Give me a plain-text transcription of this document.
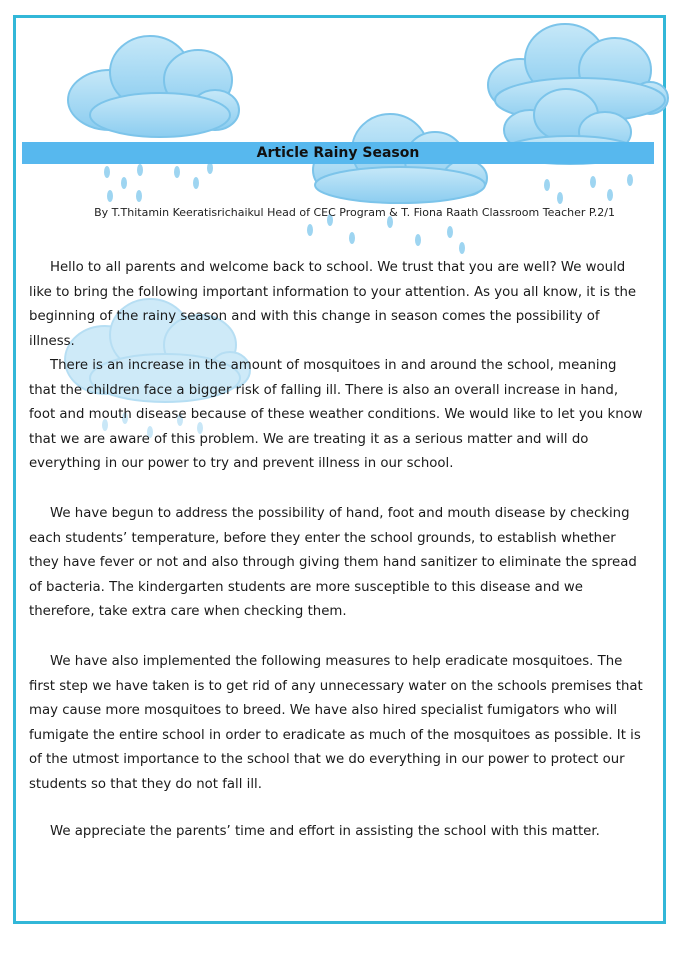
Article Rainy Season
By T.Thitamin Keeratisrichaikul Head of CEC Program & T. Fiona Raath Classroom Teacher P.2/1

Hello to all parents and welcome back to school. We trust that you are well? We would like to bring the following important information to your attention. As you all know, it is the beginning of the rainy season and with this change in season comes the possibility of illness.

There is an increase in the amount of mosquitoes in and around the school, meaning that the children face a bigger risk of falling ill. There is also an overall increase in hand, foot and mouth disease because of these weather conditions. We would like to let you know that we are aware of this problem. We are treating it as a serious matter and will do everything in our power to try and prevent illness in our school.

We have begun to address the possibility of hand, foot and mouth disease by checking each students’ temperature, before they enter the school grounds, to establish whether they have fever or not and also through giving them hand sanitizer to eliminate the spread of bacteria. The kindergarten students are more susceptible to this disease and we therefore, take extra care when checking them.

We have also implemented the following measures to help eradicate mosquitoes. The first step we have taken is to get rid of any unnecessary water on the schools premises that may cause more mosquitoes to breed. We have also hired specialist fumigators who will fumigate the entire school in order to eradicate as much of the mosquitoes as possible. It is of the utmost importance to the school that we do everything in our power to protect our students so that they do not fall ill.

We appreciate the parents’ time and effort in assisting the school with this matter.
